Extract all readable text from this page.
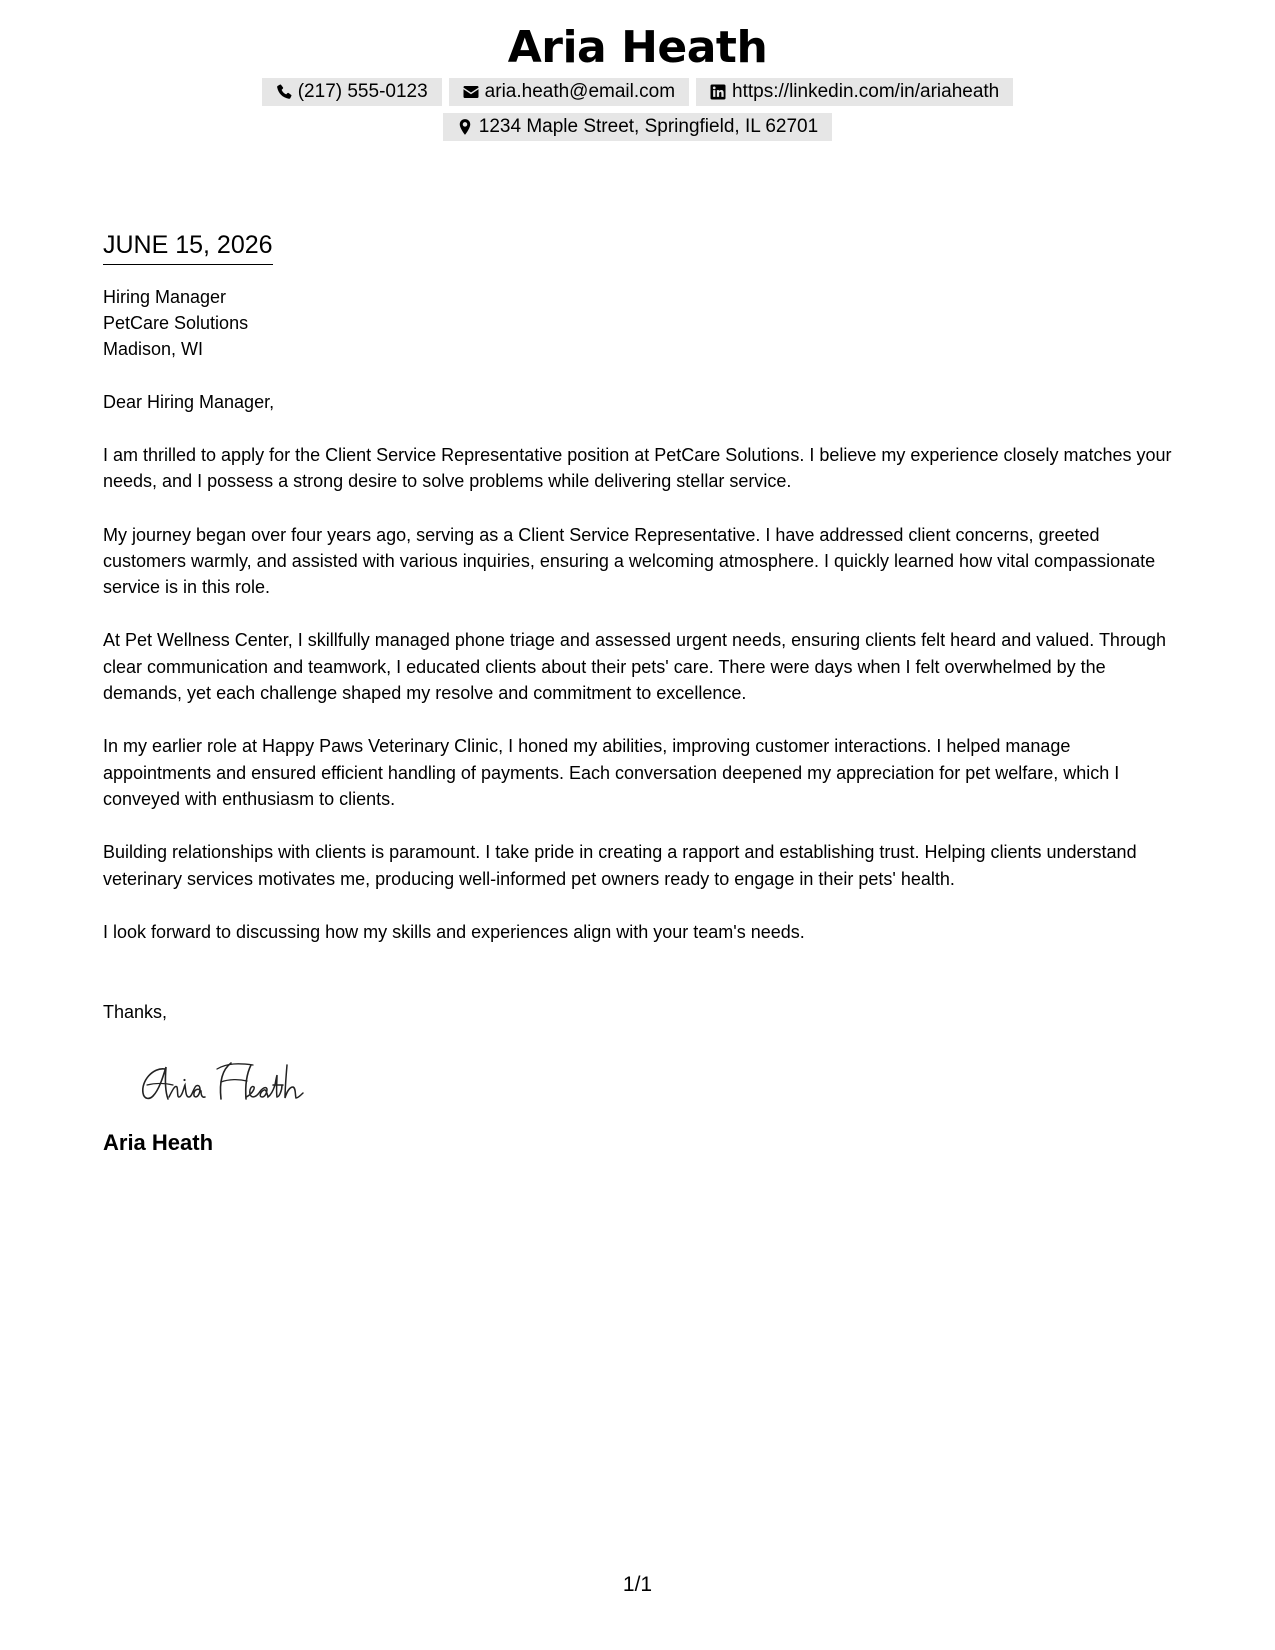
Aria Heath
(217) 555-0123	aria.heath@email.com	https://linkedin.com/in/ariaheath
1234 Maple Street, Springfield, IL 62701
JUNE 15, 2026
Hiring Manager
PetCare Solutions
Madison, WI
Dear Hiring Manager,
I am thrilled to apply for the Client Service Representative position at PetCare Solutions. I believe my experience closely matches your needs, and I possess a strong desire to solve problems while delivering stellar service.
My journey began over four years ago, serving as a Client Service Representative. I have addressed client concerns, greeted customers warmly, and assisted with various inquiries, ensuring a welcoming atmosphere. I quickly learned how vital compassionate service is in this role.
At Pet Wellness Center, I skillfully managed phone triage and assessed urgent needs, ensuring clients felt heard and valued. Through clear communication and teamwork, I educated clients about their pets' care. There were days when I felt overwhelmed by the demands, yet each challenge shaped my resolve and commitment to excellence.
In my earlier role at Happy Paws Veterinary Clinic, I honed my abilities, improving customer interactions. I helped manage appointments and ensured efficient handling of payments. Each conversation deepened my appreciation for pet welfare, which I conveyed with enthusiasm to clients.
Building relationships with clients is paramount. I take pride in creating a rapport and establishing trust. Helping clients understand veterinary services motivates me, producing well-informed pet owners ready to engage in their pets' health.
I look forward to discussing how my skills and experiences align with your team's needs.
Thanks,
Aria Heath
1/1
